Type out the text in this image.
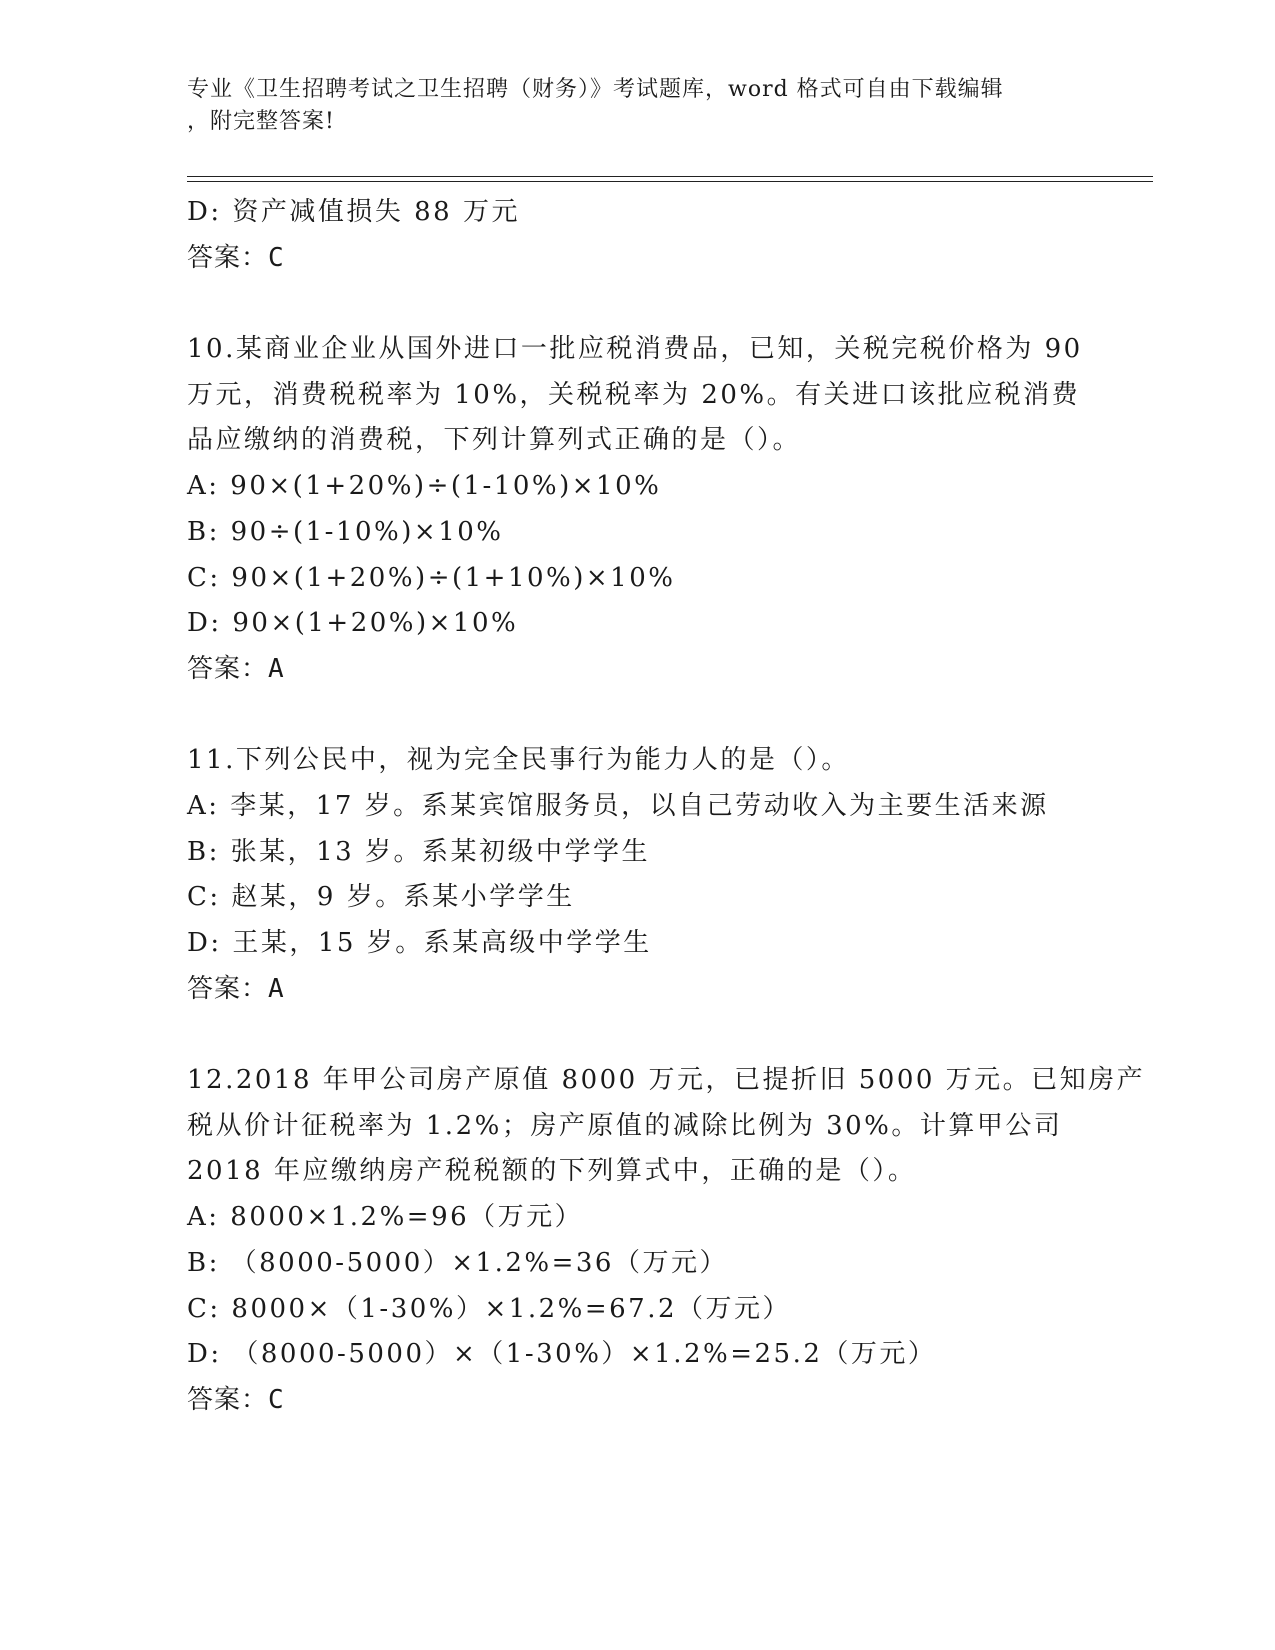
专业《卫生招聘考试之卫生招聘（财务）》考试题库，word 格式可自由下载编辑
，附完整答案!
D: 资产减值损失 88 万元
答案：C
10.某商业企业从国外进口一批应税消费品，已知，关税完税价格为 90
万元，消费税税率为 10%，关税税率为 20%。有关进口该批应税消费
品应缴纳的消费税，下列计算列式正确的是（）。
A: 90×(1+20%)÷(1-10%)×10%
B: 90÷(1-10%)×10%
C: 90×(1+20%)÷(1+10%)×10%
D: 90×(1+20%)×10%
答案：A
11.下列公民中，视为完全民事行为能力人的是（）。
A: 李某，17 岁。系某宾馆服务员，以自己劳动收入为主要生活来源
B: 张某，13 岁。系某初级中学学生
C: 赵某，9 岁。系某小学学生
D: 王某，15 岁。系某高级中学学生
答案：A
12.2018 年甲公司房产原值 8000 万元，已提折旧 5000 万元。已知房产
税从价计征税率为 1.2%；房产原值的减除比例为 30%。计算甲公司
2018 年应缴纳房产税税额的下列算式中，正确的是（）。
A: 8000×1.2%=96（万元）
B: （8000-5000）×1.2%=36（万元）
C: 8000×（1-30%）×1.2%=67.2（万元）
D: （8000-5000）×（1-30%）×1.2%=25.2（万元）
答案：C
